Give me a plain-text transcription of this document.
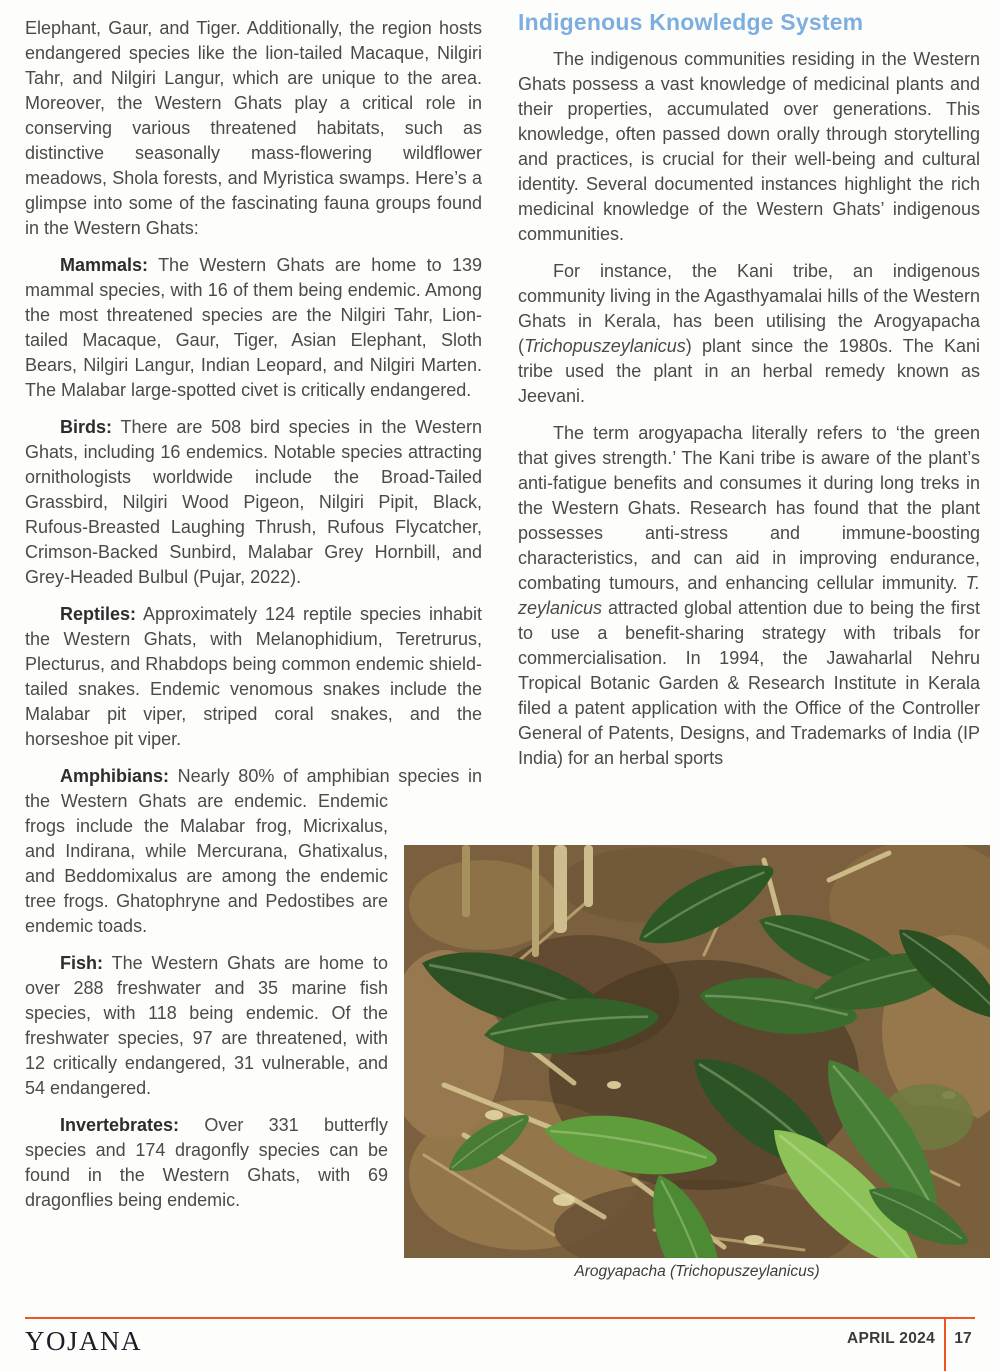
Elephant, Gaur, and Tiger. Additionally, the region hosts endangered species like the lion-tailed Macaque, Nilgiri Tahr, and Nilgiri Langur, which are unique to the area. Moreover, the Western Ghats play a critical role in conserving various threatened habitats, such as distinctive seasonally mass-flowering wildflower meadows, Shola forests, and Myristica swamps. Here’s a glimpse into some of the fascinating fauna groups found in the Western Ghats:

Mammals: The Western Ghats are home to 139 mammal species, with 16 of them being endemic. Among the most threatened species are the Nilgiri Tahr, Lion-tailed Macaque, Gaur, Tiger, Asian Elephant, Sloth Bears, Nilgiri Langur, Indian Leopard, and Nilgiri Marten. The Malabar large-spotted civet is critically endangered.

Birds: There are 508 bird species in the Western Ghats, including 16 endemics. Notable species attracting ornithologists worldwide include the Broad-Tailed Grassbird, Nilgiri Wood Pigeon, Nilgiri Pipit, Black, Rufous-Breasted Laughing Thrush, Rufous Flycatcher, Crimson-Backed Sunbird, Malabar Grey Hornbill, and Grey-Headed Bulbul (Pujar, 2022).

Reptiles: Approximately 124 reptile species inhabit the Western Ghats, with Melanophidium, Teretrurus, Plecturus, and Rhabdops being common endemic shield-tailed snakes. Endemic venomous snakes include the Malabar pit viper, striped coral snakes, and the horseshoe pit viper.

Amphibians: Nearly 80% of amphibian species in the Western Ghats are endemic. Endemic frogs include the Malabar frog, Micrixalus, and Indirana, while Mercurana, Ghatixalus, and Beddomixalus are among the endemic tree frogs. Ghatophryne and Pedostibes are endemic toads.

Fish: The Western Ghats are home to over 288 freshwater and 35 marine fish species, with 118 being endemic. Of the freshwater species, 97 are threatened, with 12 critically endangered, 31 vulnerable, and 54 endangered.

Invertebrates: Over 331 butterfly species and 174 dragonfly species can be found in the Western Ghats, with 69 dragonflies being endemic.

Indigenous Knowledge System

The indigenous communities residing in the Western Ghats possess a vast knowledge of medicinal plants and their properties, accumulated over generations. This knowledge, often passed down orally through storytelling and practices, is crucial for their well-being and cultural identity. Several documented instances highlight the rich medicinal knowledge of the Western Ghats’ indigenous communities.

For instance, the Kani tribe, an indigenous community living in the Agasthyamalai hills of the Western Ghats in Kerala, has been utilising the Arogyapacha (Trichopuszeylanicus) plant since the 1980s. The Kani tribe used the plant in an herbal remedy known as Jeevani.

The term arogyapacha literally refers to ‘the green that gives strength.’ The Kani tribe is aware of the plant’s anti-fatigue benefits and consumes it during long treks in the Western Ghats. Research has found that the plant possesses anti-stress and immune-boosting characteristics, and can aid in improving endurance, combating tumours, and enhancing cellular immunity. T. zeylanicus attracted global attention due to being the first to use a benefit-sharing strategy with tribals for commercialisation. In 1994, the Jawaharlal Nehru Tropical Botanic Garden & Research Institute in Kerala filed a patent application with the Office of the Controller General of Patents, Designs, and Trademarks of India (IP India) for an herbal sports

Arogyapacha (Trichopuszeylanicus)
YOJANA	APRIL 2024	17
